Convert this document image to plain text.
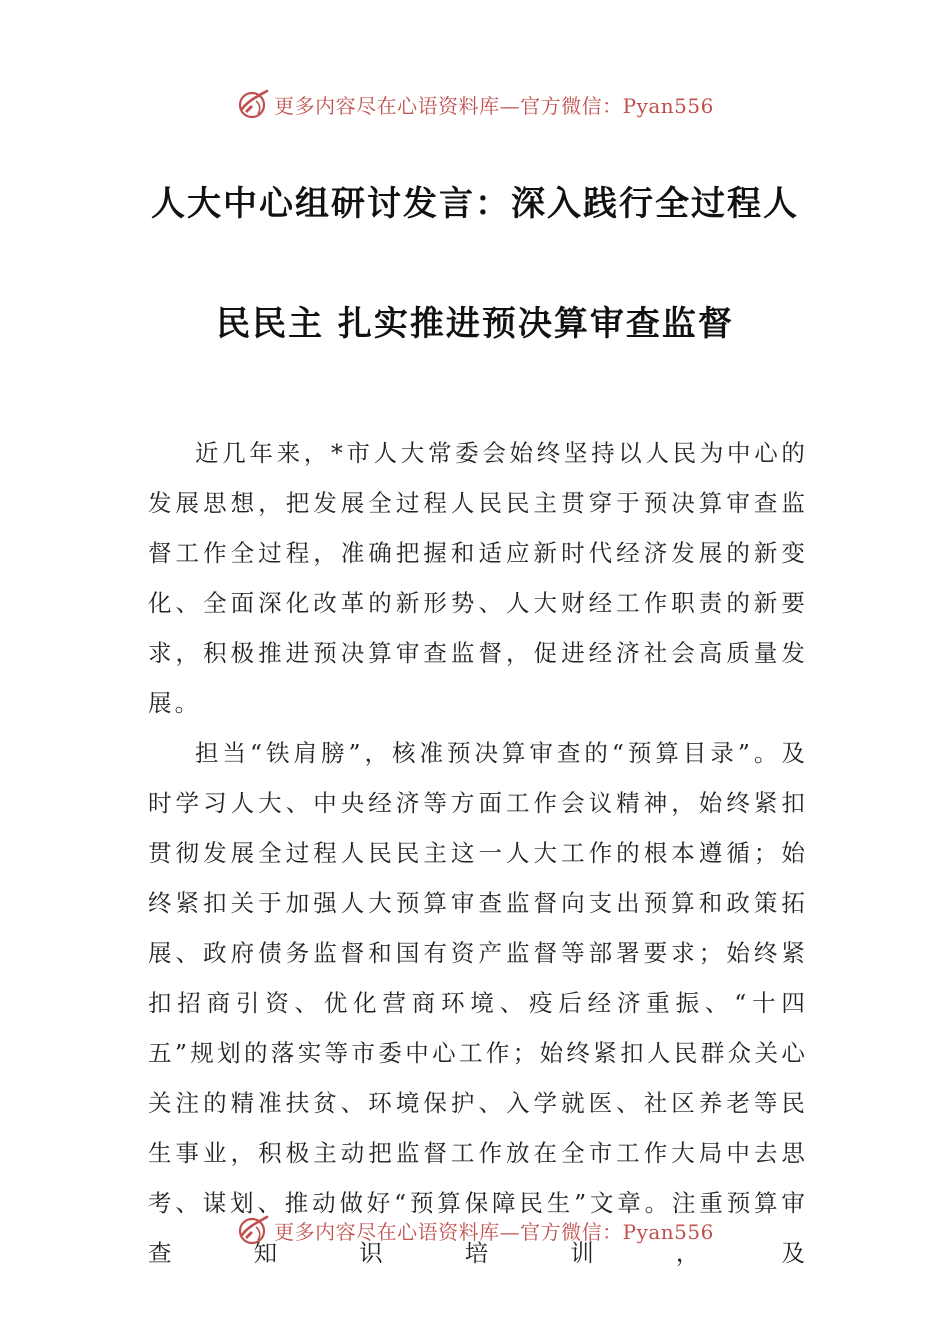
更多内容尽在心语资料库—官方微信：Pyan556
人大中心组研讨发言：深入践行全过程人
民民主 扎实推进预决算审查监督

近几年来，*市人大常委会始终坚持以人民为中心的发展思想，把发展全过程人民民主贯穿于预决算审查监督工作全过程，准确把握和适应新时代经济发展的新变化、全面深化改革的新形势、人大财经工作职责的新要求，积极推进预决算审查监督，促进经济社会高质量发展。

担当“铁肩膀”，核准预决算审查的“预算目录”。及时学习人大、中央经济等方面工作会议精神，始终紧扣贯彻发展全过程人民民主这一人大工作的根本遵循；始终紧扣关于加强人大预算审查监督向支出预算和政策拓展、政府债务监督和国有资产监督等部署要求；始终紧扣招商引资、优化营商环境、疫后经济重振、“十四五”规划的落实等市委中心工作；始终紧扣人民群众关心关注的精准扶贫、环境保护、入学就医、社区养老等民生事业，积极主动把监督工作放在全市工作大局中去思考、谋划、推动做好“预算保障民生”文章。注重预算审查知识培训，及

更多内容尽在心语资料库—官方微信：Pyan556
